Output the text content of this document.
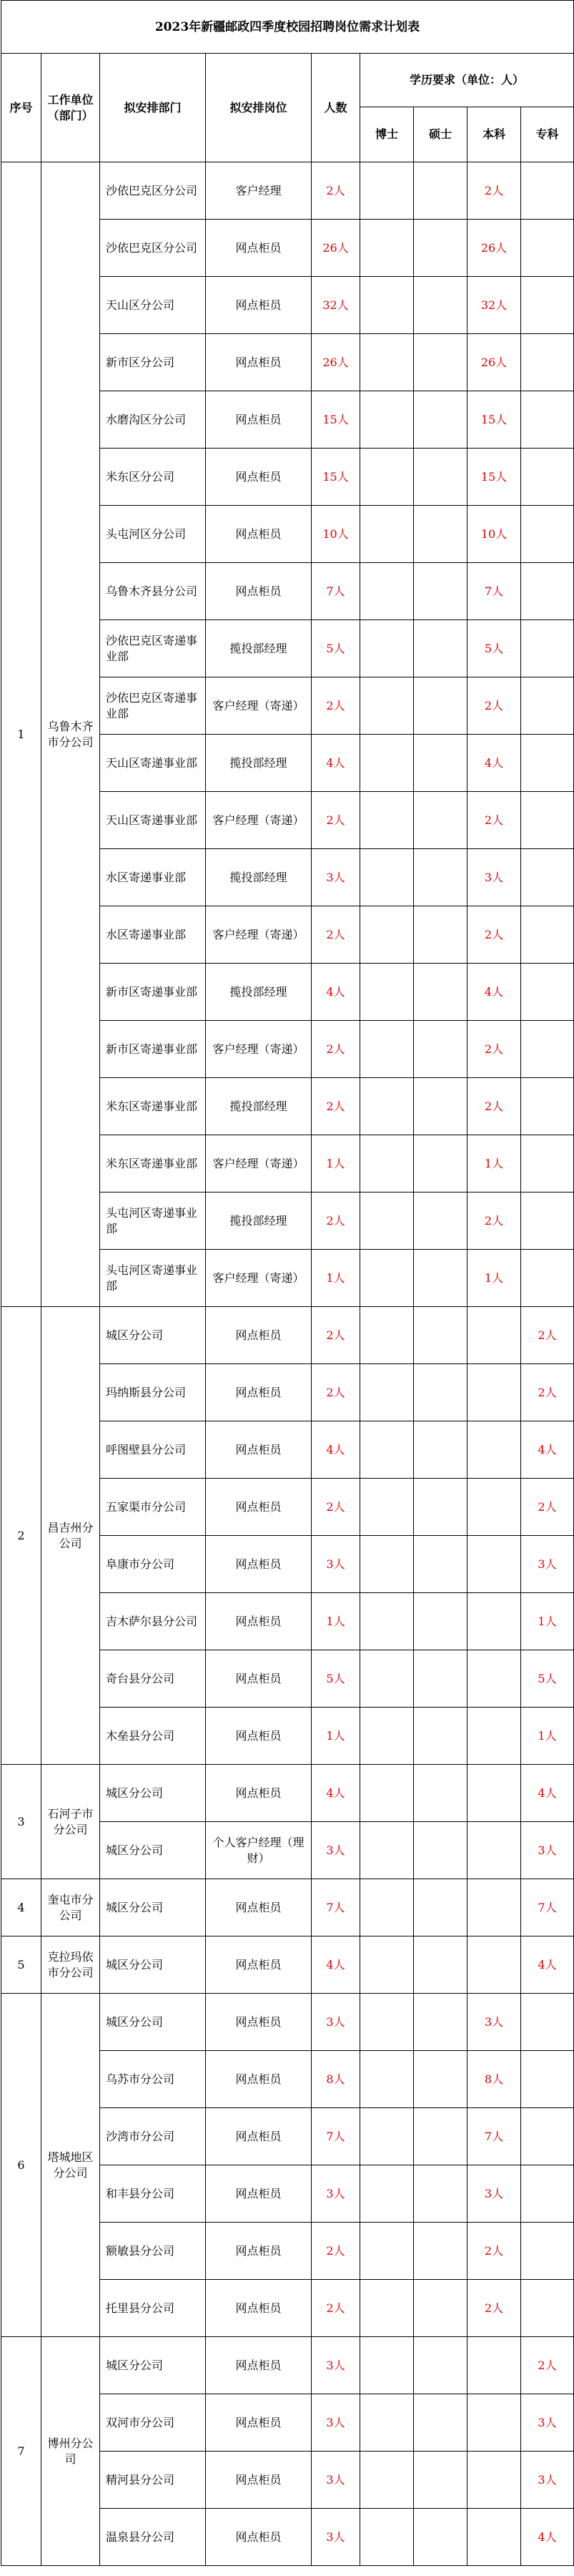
2023年新疆邮政四季度校园招聘岗位需求计划表								
序号	工作单位（部门）	拟安排部门	拟安排岗位	人数	学历要求（单位：人）			
					博士	硕士	本科	专科
1	乌鲁木齐市分公司	沙依巴克区分公司	客户经理	2人			2人	
		沙依巴克区分公司	网点柜员	26人			26人	
		天山区分公司	网点柜员	32人			32人	
		新市区分公司	网点柜员	26人			26人	
		水磨沟区分公司	网点柜员	15人			15人	
		米东区分公司	网点柜员	15人			15人	
		头屯河区分公司	网点柜员	10人			10人	
		乌鲁木齐县分公司	网点柜员	7人			7人	
		沙依巴克区寄递事业部	揽投部经理	5人			5人	
		沙依巴克区寄递事业部	客户经理（寄递）	2人			2人	
		天山区寄递事业部	揽投部经理	4人			4人	
		天山区寄递事业部	客户经理（寄递）	2人			2人	
		水区寄递事业部	揽投部经理	3人			3人	
		水区寄递事业部	客户经理（寄递）	2人			2人	
		新市区寄递事业部	揽投部经理	4人			4人	
		新市区寄递事业部	客户经理（寄递）	2人			2人	
		米东区寄递事业部	揽投部经理	2人			2人	
		米东区寄递事业部	客户经理（寄递）	1人			1人	
		头屯河区寄递事业部	揽投部经理	2人			2人	
		头屯河区寄递事业部	客户经理（寄递）	1人			1人	
2	昌吉州分公司	城区分公司	网点柜员	2人				2人
		玛纳斯县分公司	网点柜员	2人				2人
		呼图壁县分公司	网点柜员	4人				4人
		五家渠市分公司	网点柜员	2人				2人
		阜康市分公司	网点柜员	3人				3人
		吉木萨尔县分公司	网点柜员	1人				1人
		奇台县分公司	网点柜员	5人				5人
		木垒县分公司	网点柜员	1人				1人
3	石河子市分公司	城区分公司	网点柜员	4人				4人
		城区分公司	个人客户经理（理财）	3人				3人
4	奎屯市分公司	城区分公司	网点柜员	7人				7人
5	克拉玛依市分公司	城区分公司	网点柜员	4人				4人
6	塔城地区分公司	城区分公司	网点柜员	3人			3人	
		乌苏市分公司	网点柜员	8人			8人	
		沙湾市分公司	网点柜员	7人			7人	
		和丰县分公司	网点柜员	3人			3人	
		额敏县分公司	网点柜员	2人			2人	
		托里县分公司	网点柜员	2人			2人	
7	博州分公司	城区分公司	网点柜员	3人				2人
		双河市分公司	网点柜员	3人				3人
		精河县分公司	网点柜员	3人				3人
		温泉县分公司	网点柜员	3人				4人
